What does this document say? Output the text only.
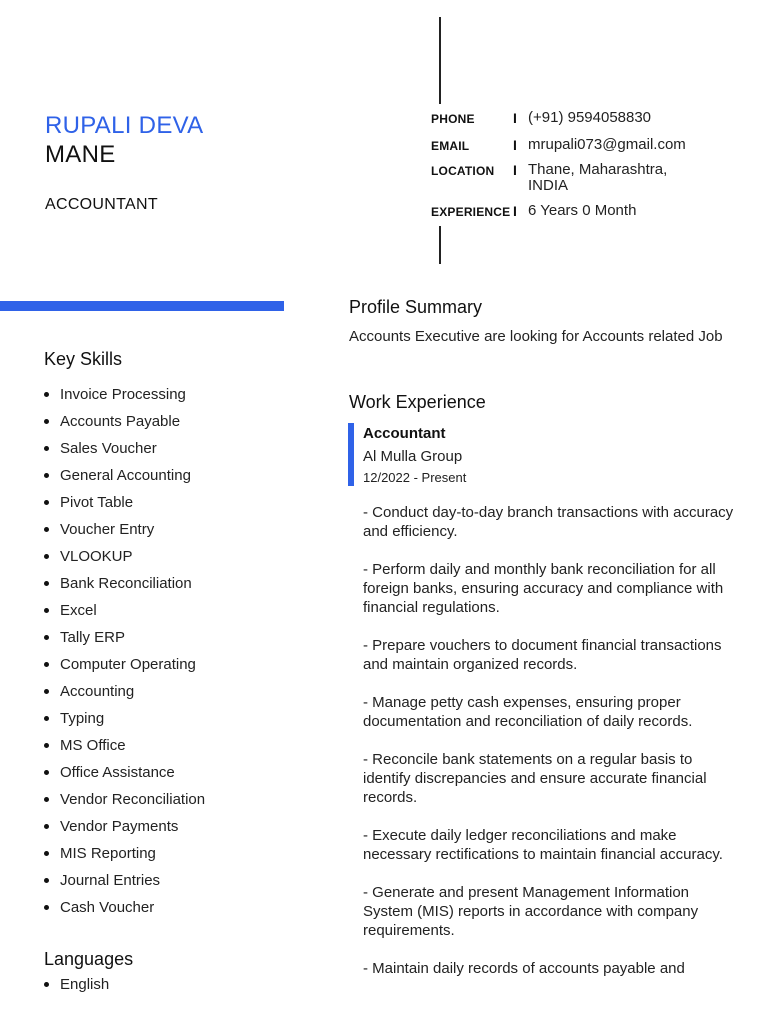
RUPALI DEVA
MANE
ACCOUNTANT
PHONE	I (+91) 9594058830
EMAIL	I mrupali073@gmail.com
LOCATION I Thane, Maharashtra, INDIA
EXPERIENCE I 6 Years 0 Month
Key Skills
Invoice Processing
Accounts Payable
Sales Voucher
General Accounting
Pivot Table
Voucher Entry
VLOOKUP
Bank Reconciliation
Excel
Tally ERP
Computer Operating
Accounting
Typing
MS Office
Office Assistance
Vendor Reconciliation
Vendor Payments
MIS Reporting
Journal Entries
Cash Voucher
Languages
English
Profile Summary
Accounts Executive are looking for Accounts related Job
Work Experience
Accountant
Al Mulla Group
12/2022 - Present
- Conduct day-to-day branch transactions with accuracy and efficiency.
- Perform daily and monthly bank reconciliation for all foreign banks, ensuring accuracy and compliance with financial regulations.
- Prepare vouchers to document financial transactions and maintain organized records.
- Manage petty cash expenses, ensuring proper documentation and reconciliation of daily records.
- Reconcile bank statements on a regular basis to identify discrepancies and ensure accurate financial records.
- Execute daily ledger reconciliations and make necessary rectifications to maintain financial accuracy.
- Generate and present Management Information System (MIS) reports in accordance with company requirements.
- Maintain daily records of accounts payable and
